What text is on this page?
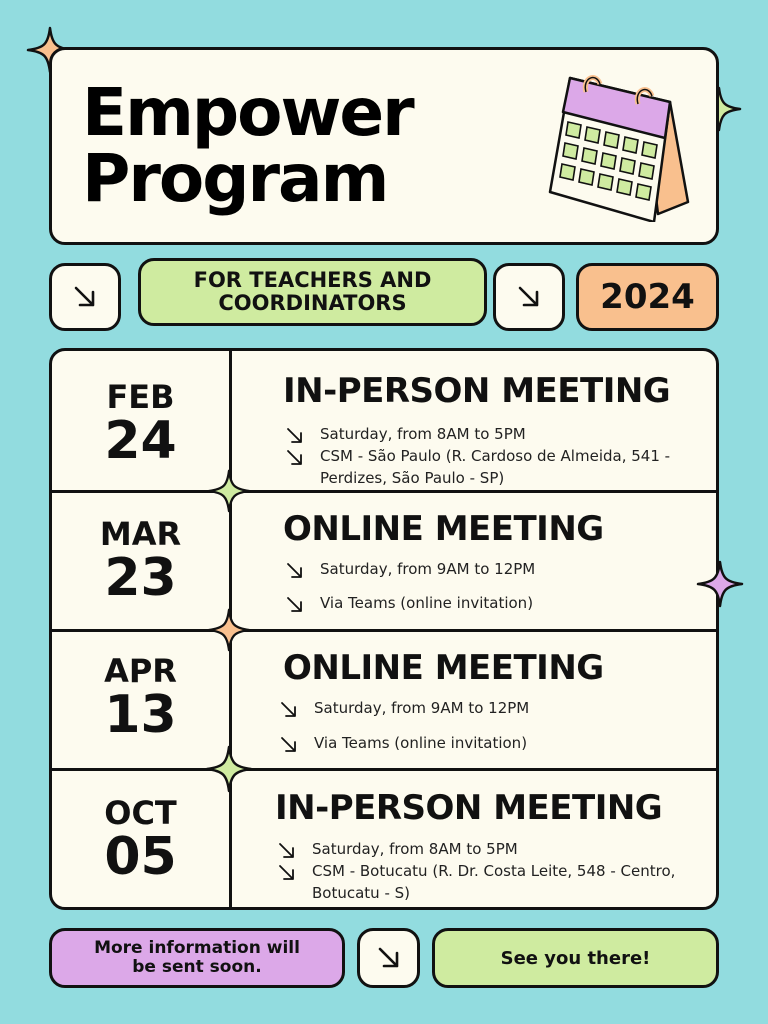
Empower
Program
FOR TEACHERS AND COORDINATORS	2024
FEB
24
IN-PERSON MEETING
Saturday, from 8AM to 5PM
CSM - São Paulo (R. Cardoso de Almeida, 541 - Perdizes, São Paulo - SP)
MAR
23
ONLINE MEETING
Saturday, from 9AM to 12PM
Via Teams (online invitation)
APR
13
ONLINE MEETING
Saturday, from 9AM to 12PM
Via Teams (online invitation)
OCT
05
IN-PERSON MEETING
Saturday, from 8AM to 5PM
CSM - Botucatu (R. Dr. Costa Leite, 548 - Centro, Botucatu - S)
More information will be sent soon.	See you there!
